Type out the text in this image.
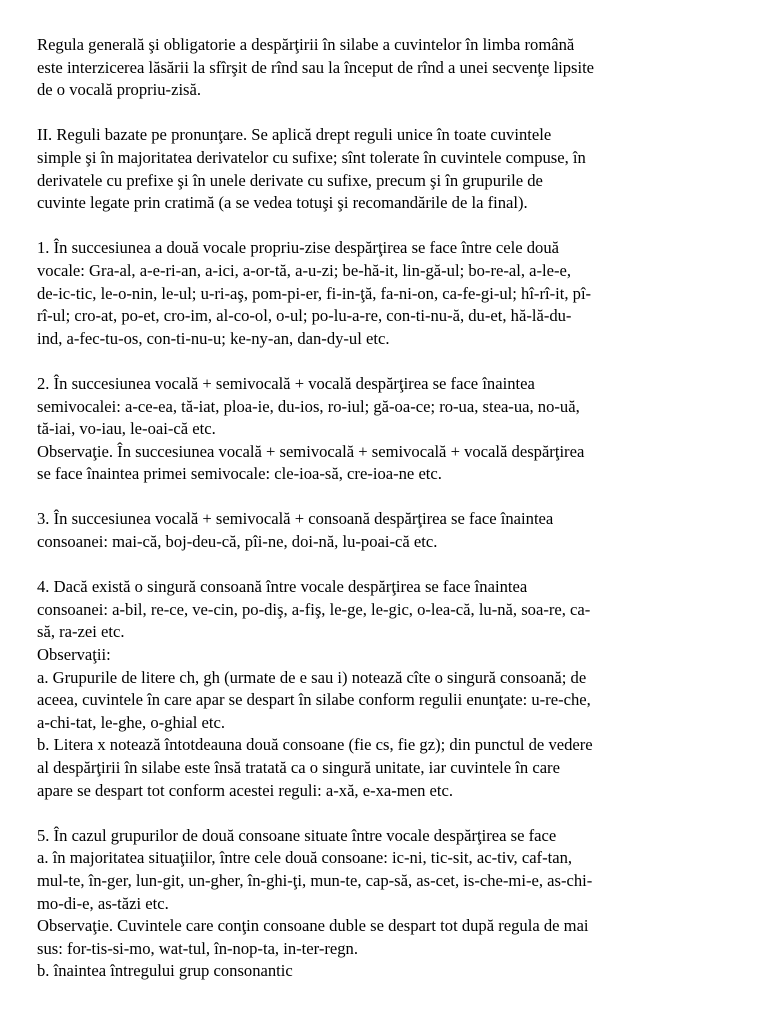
Regula generală şi obligatorie a despărţirii în silabe a cuvintelor în limba română
este interzicerea lăsării la sfîrşit de rînd sau la început de rînd a unei secvenţe lipsite
de o vocală propriu-zisă.
II. Reguli bazate pe pronunţare. Se aplică drept reguli unice în toate cuvintele
simple şi în majoritatea derivatelor cu sufixe; sînt tolerate în cuvintele compuse, în
derivatele cu prefixe şi în unele derivate cu sufixe, precum şi în grupurile de
cuvinte legate prin cratimă (a se vedea totuşi şi recomandările de la final).
1. În succesiunea a două vocale propriu-zise despărţirea se face între cele două
vocale: Gra-al, a-e-ri-an, a-ici, a-or-tă, a-u-zi; be-hă-it, lin-gă-ul; bo-re-al, a-le-e,
de-ic-tic, le-o-nin, le-ul; u-ri-aş, pom-pi-er, fi-in-ţă, fa-ni-on, ca-fe-gi-ul; hî-rî-it, pî-
rî-ul; cro-at, po-et, cro-im, al-co-ol, o-ul; po-lu-a-re, con-ti-nu-ă, du-et, hă-lă-du-
ind, a-fec-tu-os, con-ti-nu-u; ke-ny-an, dan-dy-ul etc.
2. În succesiunea vocală + semivocală + vocală despărţirea se face înaintea
semivocalei: a-ce-ea, tă-iat, ploa-ie, du-ios, ro-iul; gă-oa-ce; ro-ua, stea-ua, no-uă,
tă-iai, vo-iau, le-oai-că etc.
Observaţie. În succesiunea vocală + semivocală + semivocală + vocală despărţirea
se face înaintea primei semivocale: cle-ioa-să, cre-ioa-ne etc.
3. În succesiunea vocală + semivocală + consoană despărţirea se face înaintea
consoanei: mai-că, boj-deu-că, pîi-ne, doi-nă, lu-poai-că etc.
4. Dacă există o singură consoană între vocale despărţirea se face înaintea
consoanei: a-bil, re-ce, ve-cin, po-diş, a-fiş, le-ge, le-gic, o-lea-că, lu-nă, soa-re, ca-
să, ra-zei etc.
Observaţii:
a. Grupurile de litere ch, gh (urmate de e sau i) notează cîte o singură consoană; de
aceea, cuvintele în care apar se despart în silabe conform regulii enunţate: u-re-che,
a-chi-tat, le-ghe, o-ghial etc.
b. Litera x notează întotdeauna două consoane (fie cs, fie gz); din punctul de vedere
al despărţirii în silabe este însă tratată ca o singură unitate, iar cuvintele în care
apare se despart tot conform acestei reguli: a-xă, e-xa-men etc.
5. În cazul grupurilor de două consoane situate între vocale despărţirea se face
a. în majoritatea situaţiilor, între cele două consoane: ic-ni, tic-sit, ac-tiv, caf-tan,
mul-te, în-ger, lun-git, un-gher, în-ghi-ţi, mun-te, cap-să, as-cet, is-che-mi-e, as-chi-
mo-di-e, as-tăzi etc.
Observaţie. Cuvintele care conţin consoane duble se despart tot după regula de mai
sus: for-tis-si-mo, wat-tul, în-nop-ta, in-ter-regn.
b. înaintea întregului grup consonantic
